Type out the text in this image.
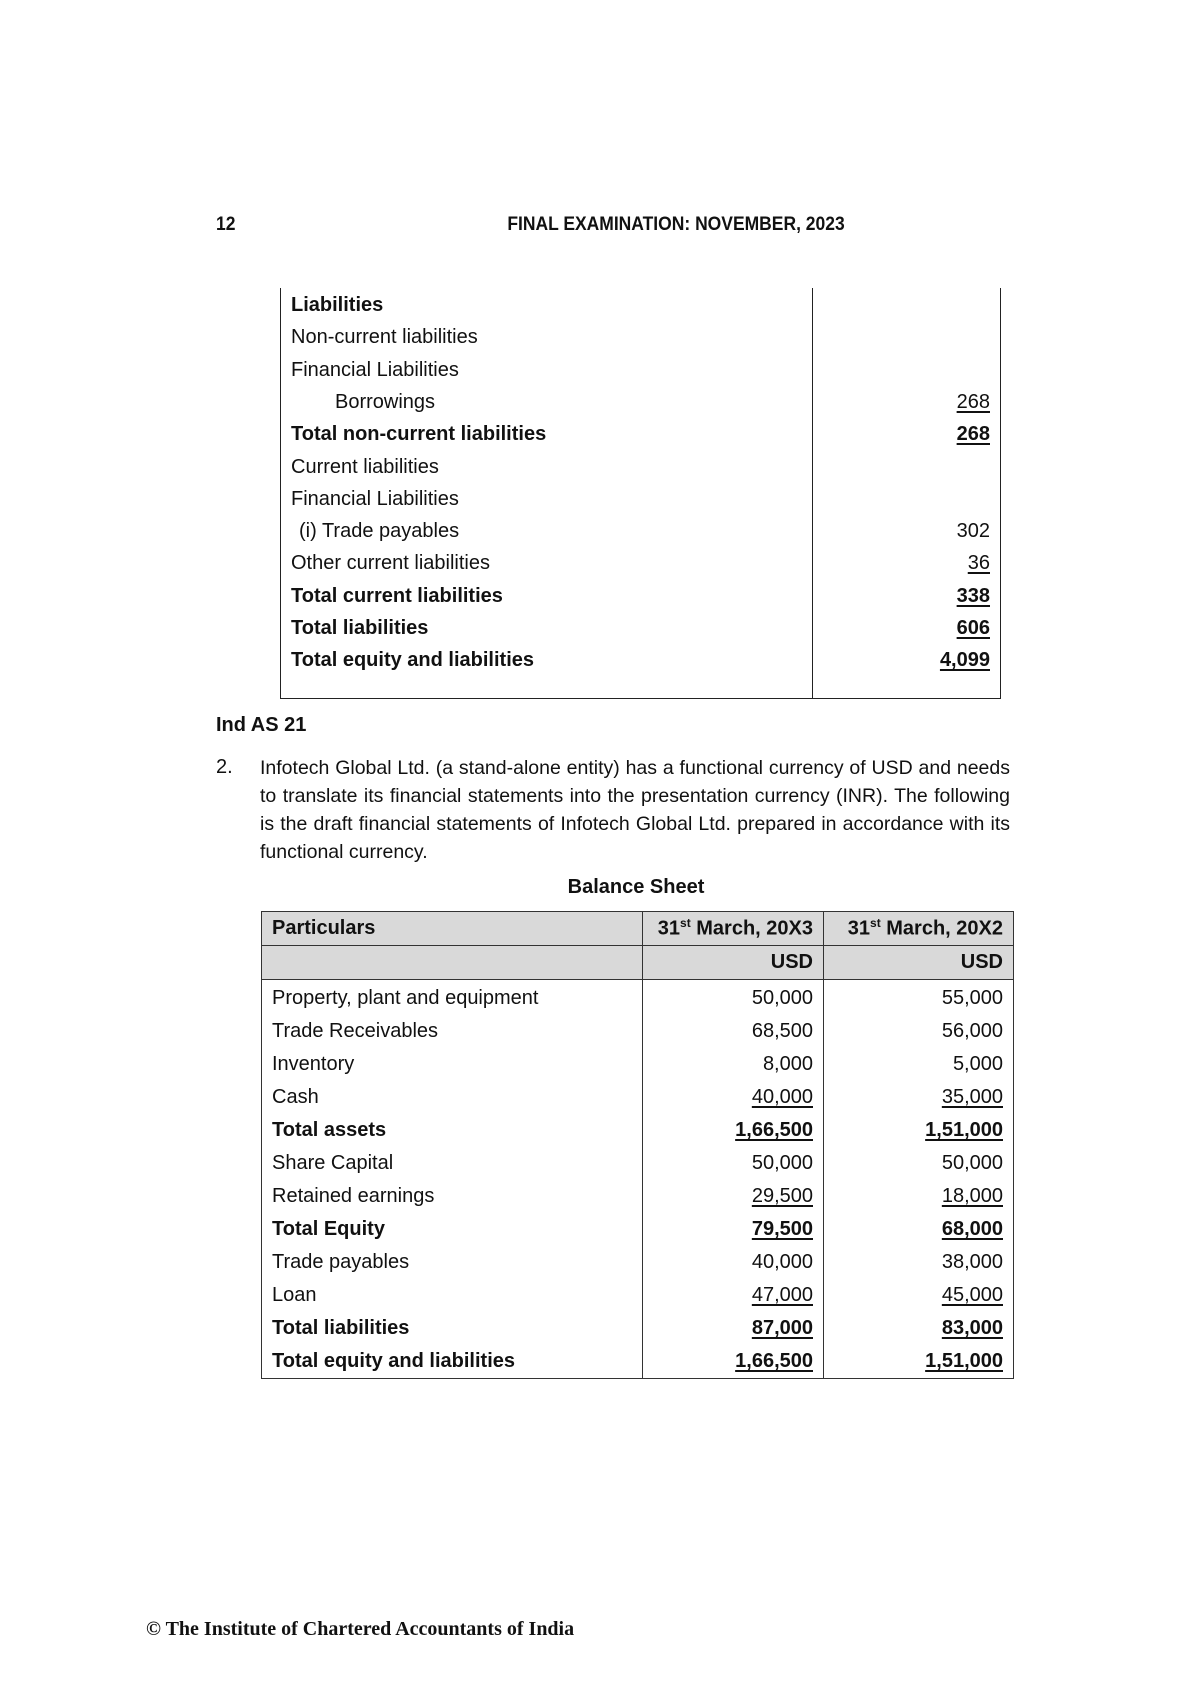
12	FINAL EXAMINATION: NOVEMBER, 2023
Liabilities
Non-current liabilities
Financial Liabilities
Borrowings	268
Total non-current liabilities	268
Current liabilities
Financial Liabilities
(i) Trade payables	302
Other current liabilities	36
Total current liabilities	338
Total liabilities	606
Total equity and liabilities	4,099
Ind AS 21
2. Infotech Global Ltd. (a stand-alone entity) has a functional currency of USD and needs to translate its financial statements into the presentation currency (INR). The following is the draft financial statements of Infotech Global Ltd. prepared in accordance with its functional currency.
Balance Sheet
Particulars	31st March, 20X3	31st March, 20X2
	USD	USD
Property, plant and equipment	50,000	55,000
Trade Receivables	68,500	56,000
Inventory	8,000	5,000
Cash	40,000	35,000
Total assets	1,66,500	1,51,000
Share Capital	50,000	50,000
Retained earnings	29,500	18,000
Total Equity	79,500	68,000
Trade payables	40,000	38,000
Loan	47,000	45,000
Total liabilities	87,000	83,000
Total equity and liabilities	1,66,500	1,51,000
© The Institute of Chartered Accountants of India
